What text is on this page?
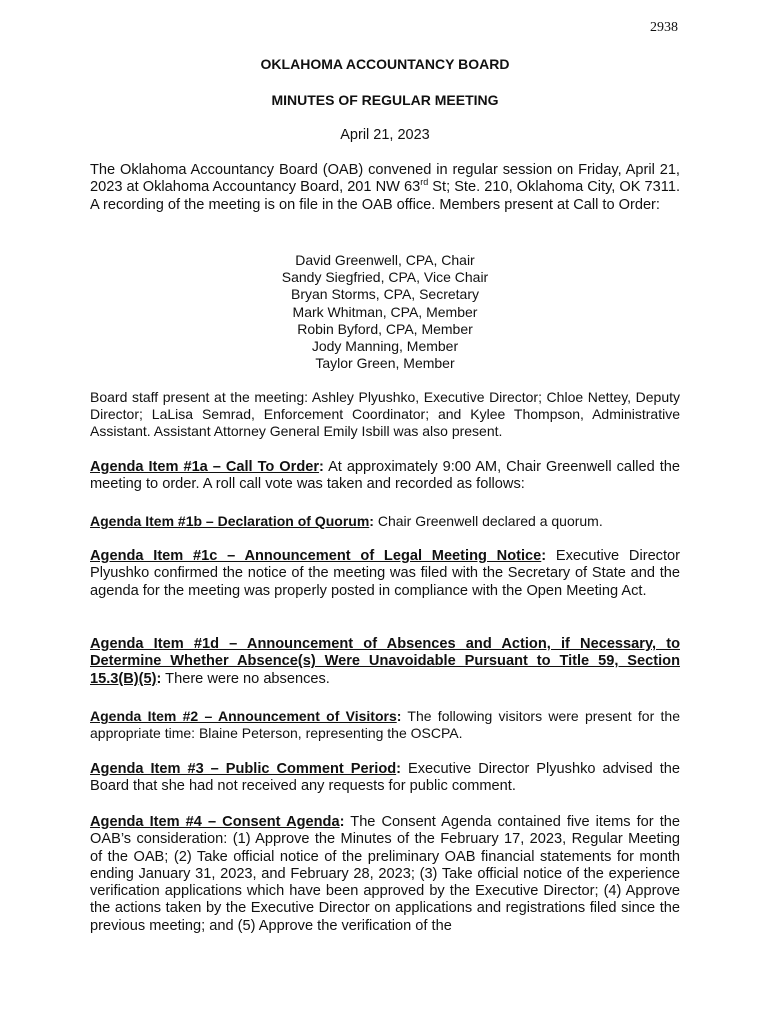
2938
OKLAHOMA ACCOUNTANCY BOARD
MINUTES OF REGULAR MEETING
April 21, 2023
The Oklahoma Accountancy Board (OAB) convened in regular session on Friday, April 21, 2023 at Oklahoma Accountancy Board, 201 NW 63rd St; Ste. 210, Oklahoma City, OK 7311. A recording of the meeting is on file in the OAB office. Members present at Call to Order:
David Greenwell, CPA, Chair
Sandy Siegfried, CPA, Vice Chair
Bryan Storms, CPA, Secretary
Mark Whitman, CPA, Member
Robin Byford, CPA, Member
Jody Manning, Member
Taylor Green, Member
Board staff present at the meeting: Ashley Plyushko, Executive Director; Chloe Nettey, Deputy Director; LaLisa Semrad, Enforcement Coordinator; and Kylee Thompson, Administrative Assistant. Assistant Attorney General Emily Isbill was also present.
Agenda Item #1a – Call To Order: At approximately 9:00 AM, Chair Greenwell called the meeting to order. A roll call vote was taken and recorded as follows:
Agenda Item #1b – Declaration of Quorum: Chair Greenwell declared a quorum.
Agenda Item #1c – Announcement of Legal Meeting Notice: Executive Director Plyushko confirmed the notice of the meeting was filed with the Secretary of State and the agenda for the meeting was properly posted in compliance with the Open Meeting Act.
Agenda Item #1d – Announcement of Absences and Action, if Necessary, to Determine Whether Absence(s) Were Unavoidable Pursuant to Title 59, Section 15.3(B)(5): There were no absences.
Agenda Item #2 – Announcement of Visitors: The following visitors were present for the appropriate time: Blaine Peterson, representing the OSCPA.
Agenda Item #3 – Public Comment Period: Executive Director Plyushko advised the Board that she had not received any requests for public comment.
Agenda Item #4 – Consent Agenda: The Consent Agenda contained five items for the OAB’s consideration: (1) Approve the Minutes of the February 17, 2023, Regular Meeting of the OAB; (2) Take official notice of the preliminary OAB financial statements for month ending January 31, 2023, and February 28, 2023; (3) Take official notice of the experience verification applications which have been approved by the Executive Director; (4) Approve the actions taken by the Executive Director on applications and registrations filed since the previous meeting; and (5) Approve the verification of the
